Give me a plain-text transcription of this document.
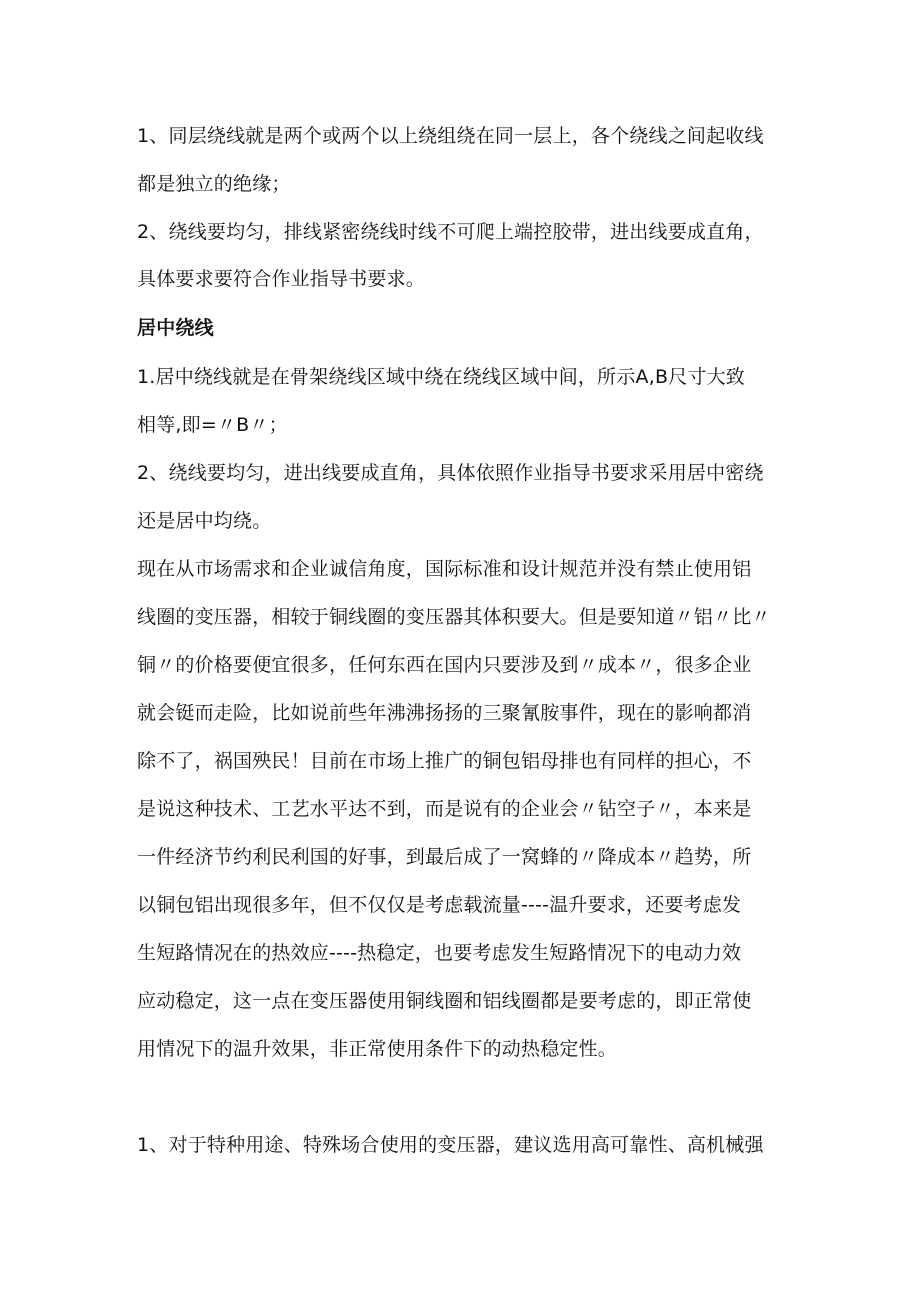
1、同层绕线就是两个或两个以上绕组绕在同一层上，各个绕线之间起收线
都是独立的绝缘；
2、绕线要均匀，排线紧密绕线时线不可爬上端控胶带，进出线要成直角，
具体要求要符合作业指导书要求。
居中绕线
1.居中绕线就是在骨架绕线区域中绕在绕线区域中间，所示A,B尺寸大致
相等,即=〃B〃；
2、绕线要均匀，进出线要成直角，具体依照作业指导书要求采用居中密绕
还是居中均绕。
现在从市场需求和企业诚信角度，国际标准和设计规范并没有禁止使用铝
线圈的变压器，相较于铜线圈的变压器其体积要大。但是要知道〃铝〃比〃
铜〃的价格要便宜很多，任何东西在国内只要涉及到〃成本〃，很多企业
就会铤而走险，比如说前些年沸沸扬扬的三聚氰胺事件，现在的影响都消
除不了，祸国殃民！目前在市场上推广的铜包铝母排也有同样的担心，不
是说这种技术、工艺水平达不到，而是说有的企业会〃钻空子〃，本来是
一件经济节约利民利国的好事，到最后成了一窝蜂的〃降成本〃趋势，所
以铜包铝出现很多年，但不仅仅是考虑载流量----温升要求，还要考虑发
生短路情况在的热效应----热稳定，也要考虑发生短路情况下的电动力效
应动稳定，这一点在变压器使用铜线圈和铝线圈都是要考虑的，即正常使
用情况下的温升效果，非正常使用条件下的动热稳定性。
1、对于特种用途、特殊场合使用的变压器，建议选用高可靠性、高机械强
